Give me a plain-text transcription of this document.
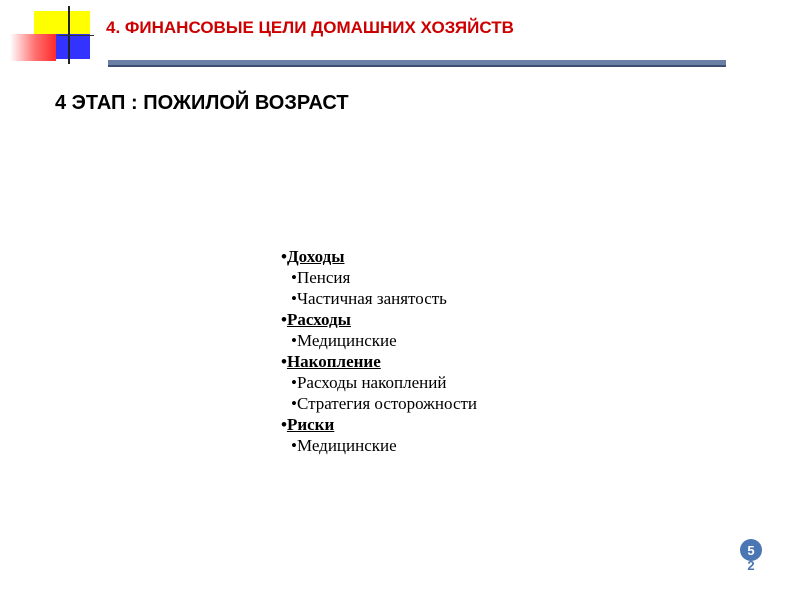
4. ФИНАНСОВЫЕ ЦЕЛИ ДОМАШНИХ ХОЗЯЙСТВ
4 ЭТАП : ПОЖИЛОЙ ВОЗРАСТ
•Доходы
•Пенсия
•Частичная занятость
•Расходы
•Медицинские
•Накопление
•Расходы накоплений
•Стратегия осторожности
•Риски
•Медицинские
5
2
